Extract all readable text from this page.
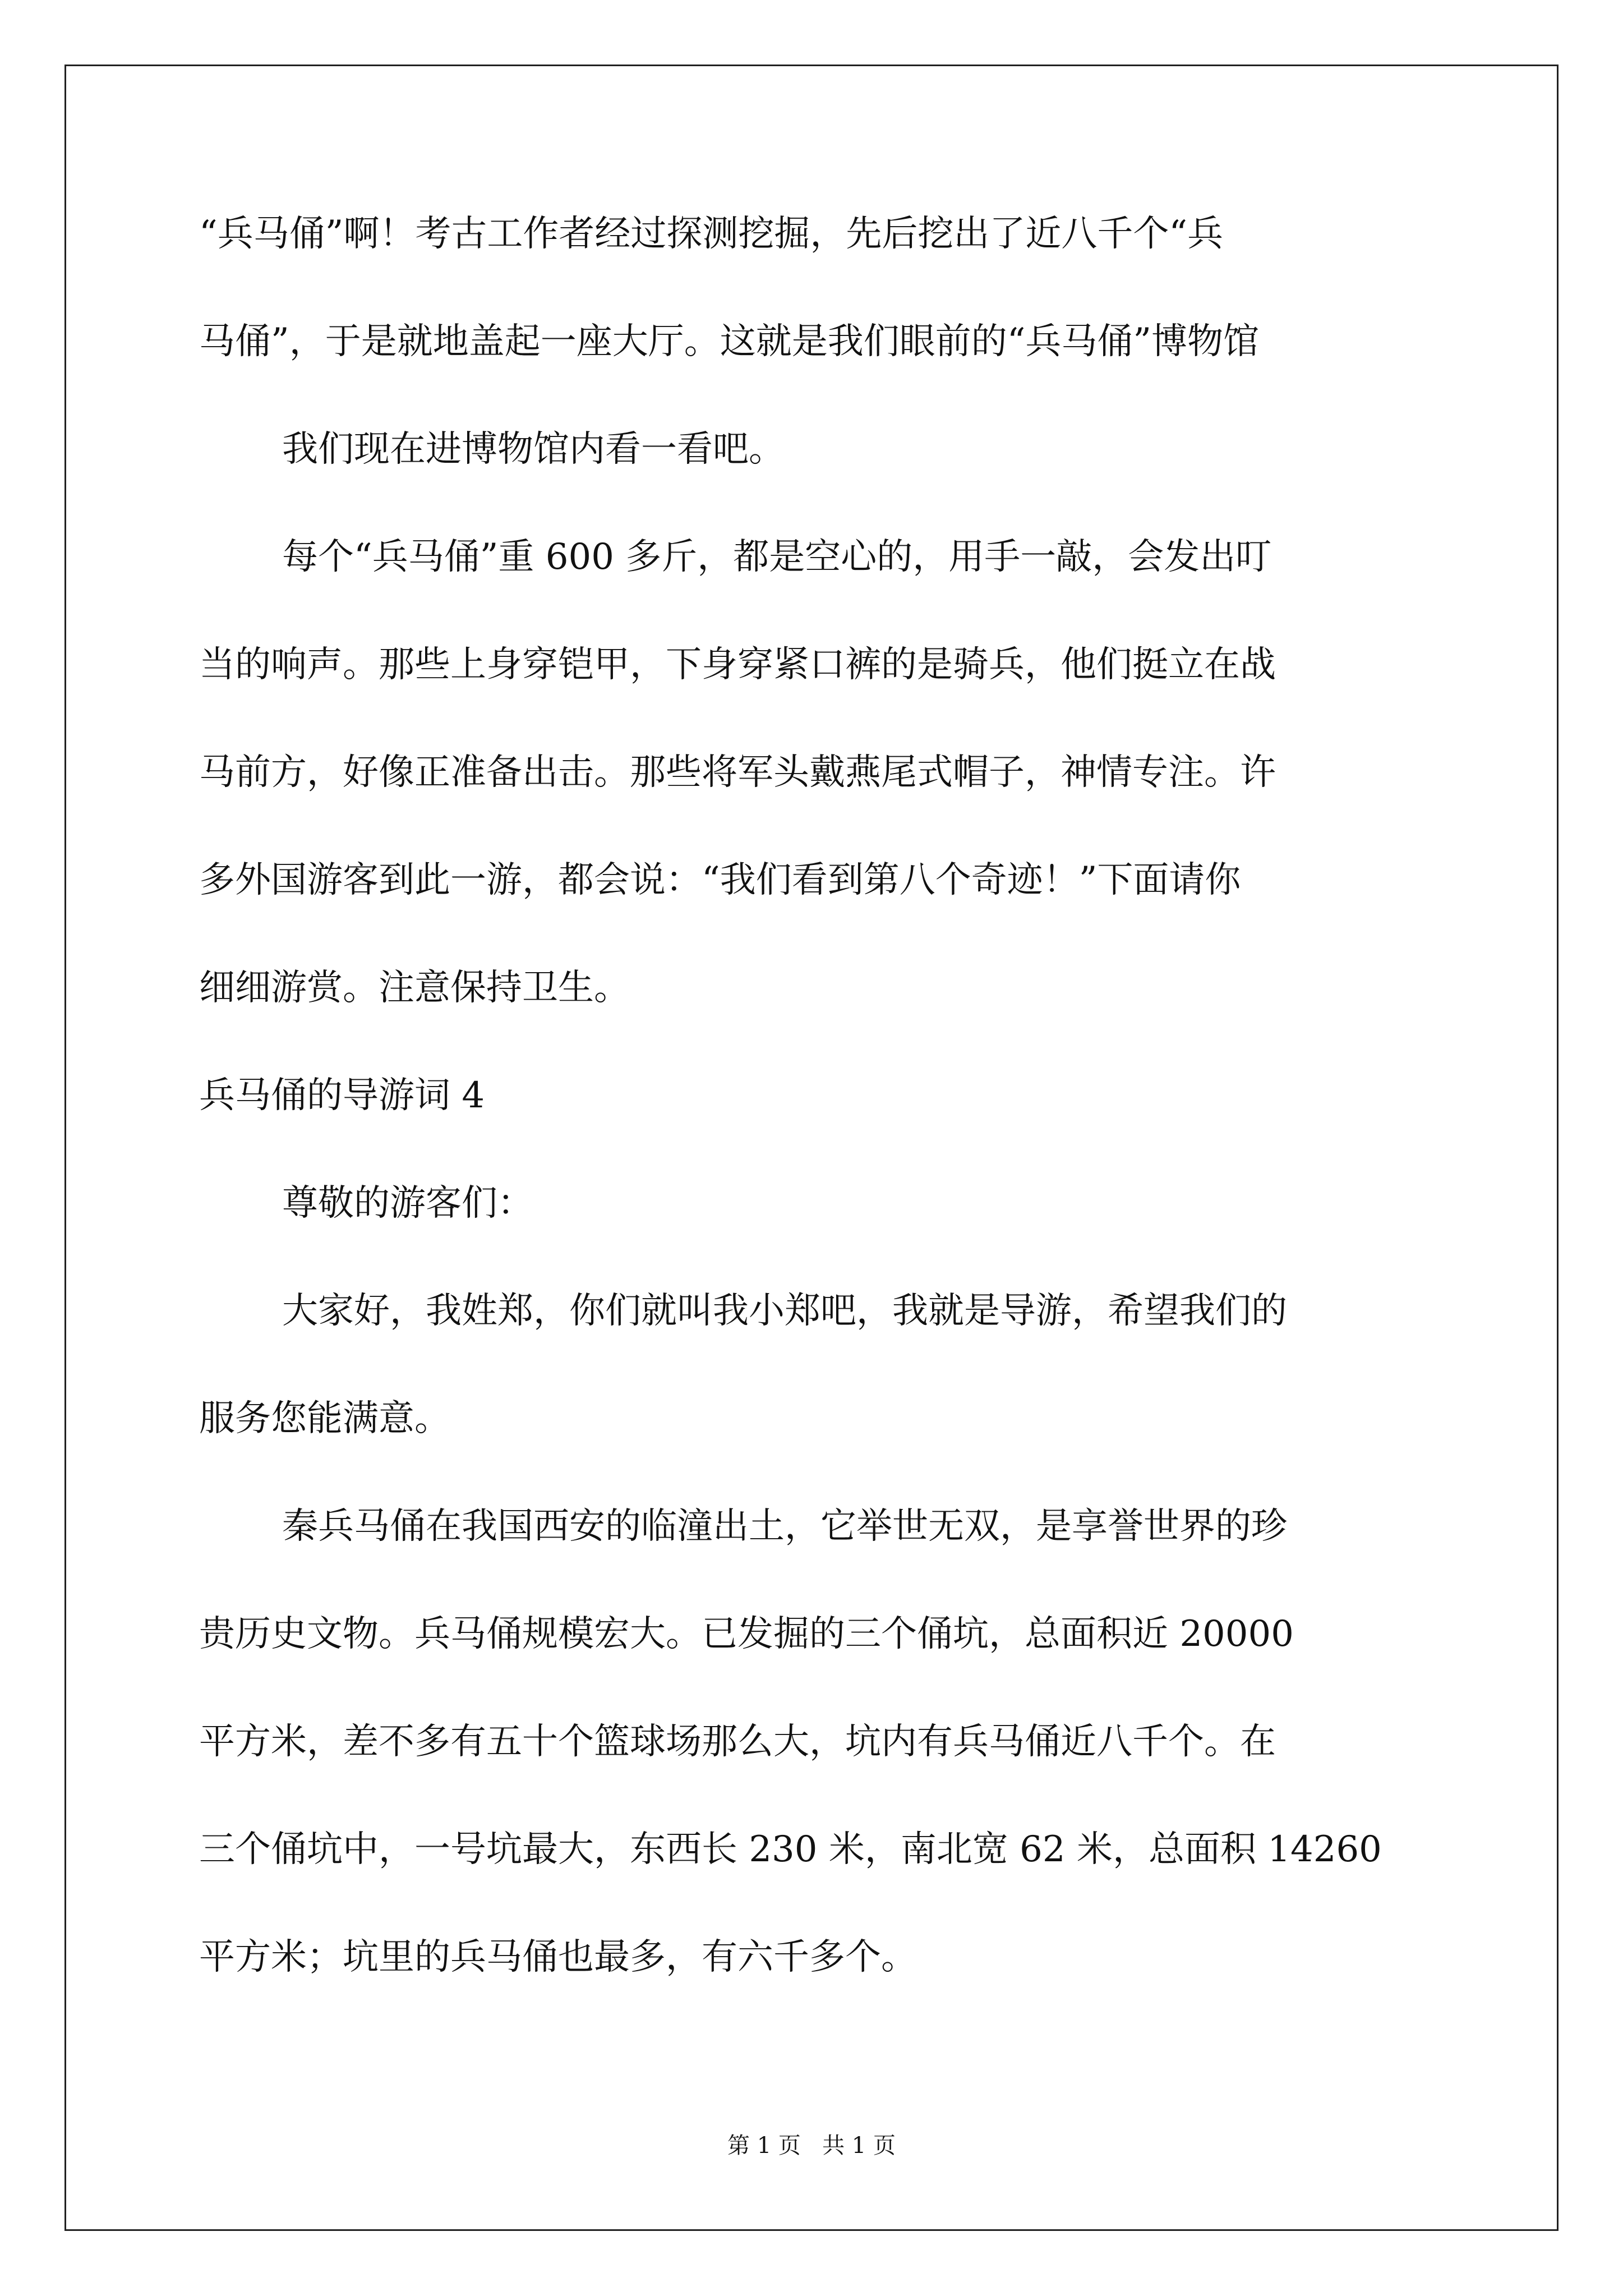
“兵马俑”啊！考古工作者经过探测挖掘，先后挖出了近八千个“兵
马俑”，于是就地盖起一座大厅。这就是我们眼前的“兵马俑”博物馆
我们现在进博物馆内看一看吧。
每个“兵马俑”重 600 多斤，都是空心的，用手一敲，会发出叮
当的响声。那些上身穿铠甲，下身穿紧口裤的是骑兵，他们挺立在战
马前方，好像正准备出击。那些将军头戴燕尾式帽子，神情专注。许
多外国游客到此一游，都会说：“我们看到第八个奇迹！”下面请你
细细游赏。注意保持卫生。
兵马俑的导游词 4
尊敬的游客们：
大家好，我姓郑，你们就叫我小郑吧，我就是导游，希望我们的
服务您能满意。
秦兵马俑在我国西安的临潼出土，它举世无双，是享誉世界的珍
贵历史文物。兵马俑规模宏大。已发掘的三个俑坑，总面积近 20000
平方米，差不多有五十个篮球场那么大，坑内有兵马俑近八千个。在
三个俑坑中，一号坑最大，东西长 230 米，南北宽 62 米，总面积 14260
平方米；坑里的兵马俑也最多，有六千多个。
第 1 页   共 1 页
